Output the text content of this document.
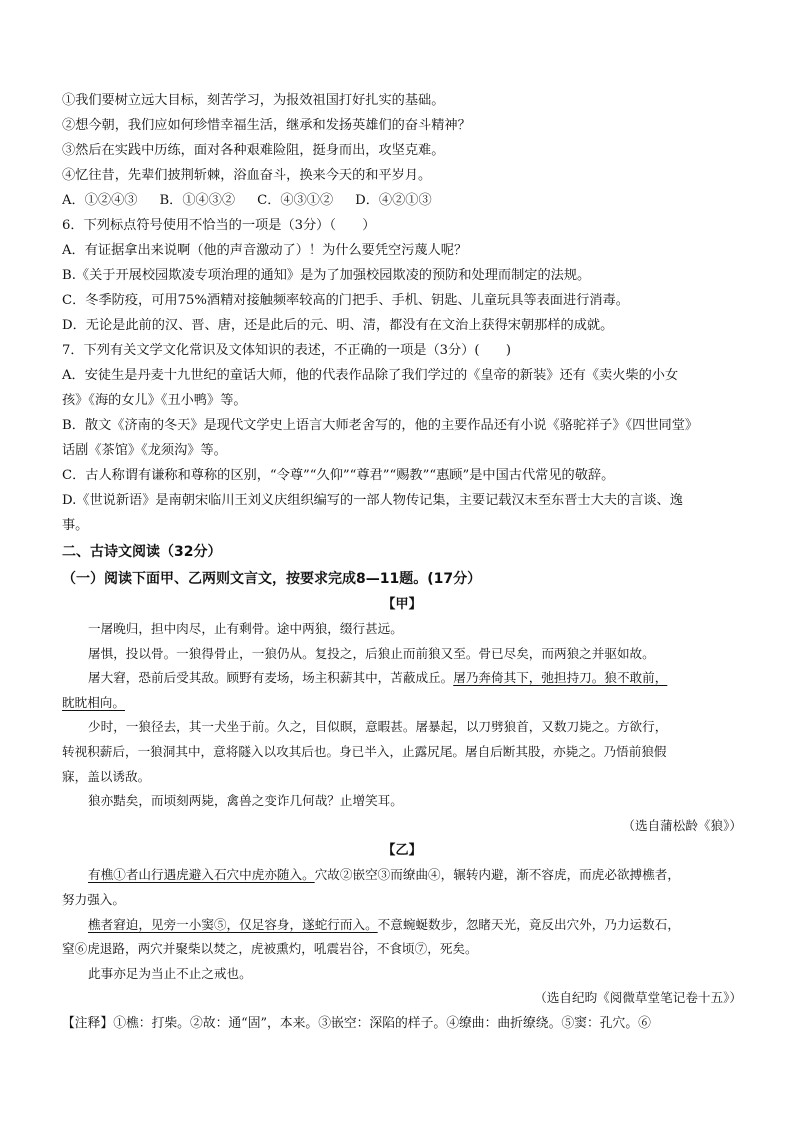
①我们要树立远大目标，刻苦学习，为报效祖国打好扎实的基础。
②想今朝，我们应如何珍惜幸福生活，继承和发扬英雄们的奋斗精神？
③然后在实践中历练，面对各种艰难险阻，挺身而出，攻坚克难。
④忆往昔，先辈们披荆斩棘，浴血奋斗，换来今天的和平岁月。
A．①②④③ B．①④③② C．④③①② D．④②①③
6．下列标点符号使用不恰当的一项是（3分）（　　）
A．有证据拿出来说啊（他的声音激动了）！为什么要凭空污蔑人呢？
B.《关于开展校园欺凌专项治理的通知》是为了加强校园欺凌的预防和处理而制定的法规。
C．冬季防疫，可用75%酒精对接触频率较高的门把手、手机、钥匙、儿童玩具等表面进行消毒。
D．无论是此前的汉、晋、唐，还是此后的元、明、清，都没有在文治上获得宋朝那样的成就。
7．下列有关文学文化常识及文体知识的表述，不正确的一项是（3分）(　　)
A．安徒生是丹麦十九世纪的童话大师，他的代表作品除了我们学过的《皇帝的新装》还有《卖火柴的小女
孩》《海的女儿》《丑小鸭》等。
B．散文《济南的冬天》是现代文学史上语言大师老舍写的，他的主要作品还有小说《骆驼祥子》《四世同堂》
话剧《茶馆》《龙须沟》等。
C．古人称谓有谦称和尊称的区别，“令尊”“久仰”“尊君”“赐教”“惠顾”是中国古代常见的敬辞。
D.《世说新语》是南朝宋临川王刘义庆组织编写的一部人物传记集，主要记载汉末至东晋士大夫的言谈、逸
事。
二、古诗文阅读（32分）
（一）阅读下面甲、乙两则文言文，按要求完成8—11题。(17分）
【甲】
一屠晚归，担中肉尽，止有剩骨。途中两狼，缀行甚远。
屠惧，投以骨。一狼得骨止，一狼仍从。复投之，后狼止而前狼又至。骨已尽矣，而两狼之并驱如故。
屠大窘，恐前后受其敌。顾野有麦场，场主积薪其中，苫蔽成丘。屠乃奔倚其下，弛担持刀。狼不敢前，
眈眈相向。
少时，一狼径去，其一犬坐于前。久之，目似瞑，意暇甚。屠暴起，以刀劈狼首，又数刀毙之。方欲行，
转视积薪后，一狼洞其中，意将隧入以攻其后也。身已半入，止露尻尾。屠自后断其股，亦毙之。乃悟前狼假
寐，盖以诱敌。
狼亦黠矣，而顷刻两毙，禽兽之变诈几何哉？止增笑耳。
（选自蒲松龄《狼》）
【乙】
有樵①者山行遇虎避入石穴中虎亦随入。穴故②嵌空③而缭曲④，辗转内避，渐不容虎，而虎必欲搏樵者，
努力强入。
樵者窘迫，见旁一小窦⑤，仅足容身，遂蛇行而入。不意蜿蜒数步，忽睹天光，竟反出穴外，乃力运数石，
窒⑥虎退路，两穴并聚柴以焚之，虎被熏灼，吼震岩谷，不食顷⑦，死矣。
此事亦足为当止不止之戒也。
（选自纪昀《阅微草堂笔记卷十五》）
【注释】①樵：打柴。②故：通“固”，本来。③嵌空：深陷的样子。④缭曲：曲折缭绕。⑤窦：孔穴。⑥
